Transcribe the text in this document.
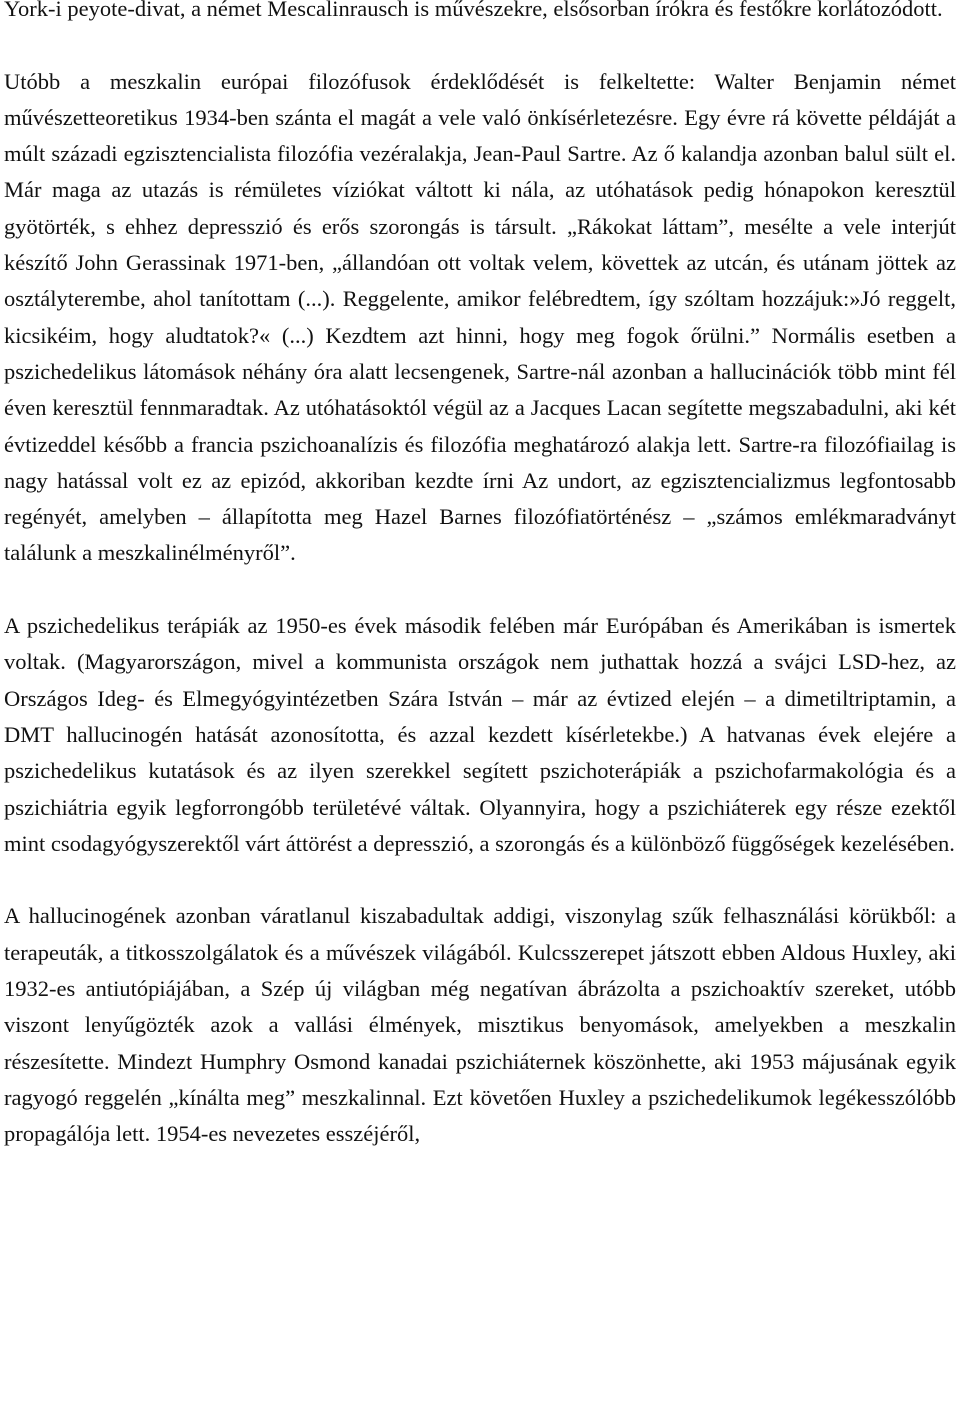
York-i peyote-divat, a német Mescalinrausch is művészekre, elsősorban írókra és festőkre korlátozódott.

Utóbb a meszkalin európai filozófusok érdeklődését is felkeltette: Walter Benjamin német művészetteoretikus 1934-ben szánta el magát a vele való önkísérletezésre. Egy évre rá követte példáját a múlt századi egzisztencialista filozófia vezéralakja, Jean-Paul Sartre. Az ő kalandja azonban balul sült el. Már maga az utazás is rémületes víziókat váltott ki nála, az utóhatások pedig hónapokon keresztül gyötörték, s ehhez depresszió és erős szorongás is társult. „Rákokat láttam”, mesélte a vele interjút készítő John Gerassinak 1971-ben, „állandóan ott voltak velem, követtek az utcán, és utánam jöttek az osztályterembe, ahol tanítottam (...). Reggelente, amikor felébredtem, így szóltam hozzájuk:»Jó reggelt, kicsikéim, hogy aludtatok?« (...) Kezdtem azt hinni, hogy meg fogok őrülni.” Normális esetben a pszichedelikus látomások néhány óra alatt lecsengenek, Sartre-nál azonban a hallucinációk több mint fél éven keresztül fennmaradtak. Az utóhatásoktól végül az a Jacques Lacan segítette megszabadulni, aki két évtizeddel később a francia pszichoanalízis és filozófia meghatározó alakja lett. Sartre-ra filozófiailag is nagy hatással volt ez az epizód, akkoriban kezdte írni Az undort, az egzisztencializmus legfontosabb regényét, amelyben – állapította meg Hazel Barnes filozófiatörténész – „számos emlékmaradványt találunk a meszkalinélményről”.

A pszichedelikus terápiák az 1950-es évek második felében már Európában és Amerikában is ismertek voltak. (Magyarországon, mivel a kommunista országok nem juthattak hozzá a svájci LSD-hez, az Országos Ideg- és Elmegyógyintézetben Szára István – már az évtized elején – a dimetiltriptamin, a DMT hallucinogén hatását azonosította, és azzal kezdett kísérletekbe.) A hatvanas évek elejére a pszichedelikus kutatások és az ilyen szerekkel segített pszichoterápiák a pszichofarmakológia és a pszichiátria egyik legforrongóbb területévé váltak. Olyannyira, hogy a pszichiáterek egy része ezektől mint csodagyógyszerektől várt áttörést a depresszió, a szorongás és a különböző függőségek kezelésében.

A hallucinogének azonban váratlanul kiszabadultak addigi, viszonylag szűk felhasználási körükből: a terapeuták, a titkosszolgálatok és a művészek világából. Kulcsszerepet játszott ebben Aldous Huxley, aki 1932-es antiutópiájában, a Szép új világban még negatívan ábrázolta a pszichoaktív szereket, utóbb viszont lenyűgözték azok a vallási élmények, misztikus benyomások, amelyekben a meszkalin részesítette. Mindezt Humphry Osmond kanadai pszichiáternek köszönhette, aki 1953 májusának egyik ragyogó reggelén „kínálta meg” meszkalinnal. Ezt követően Huxley a pszichedelikumok legékesszólóbb propagálója lett. 1954-es nevezetes esszéjéről,
